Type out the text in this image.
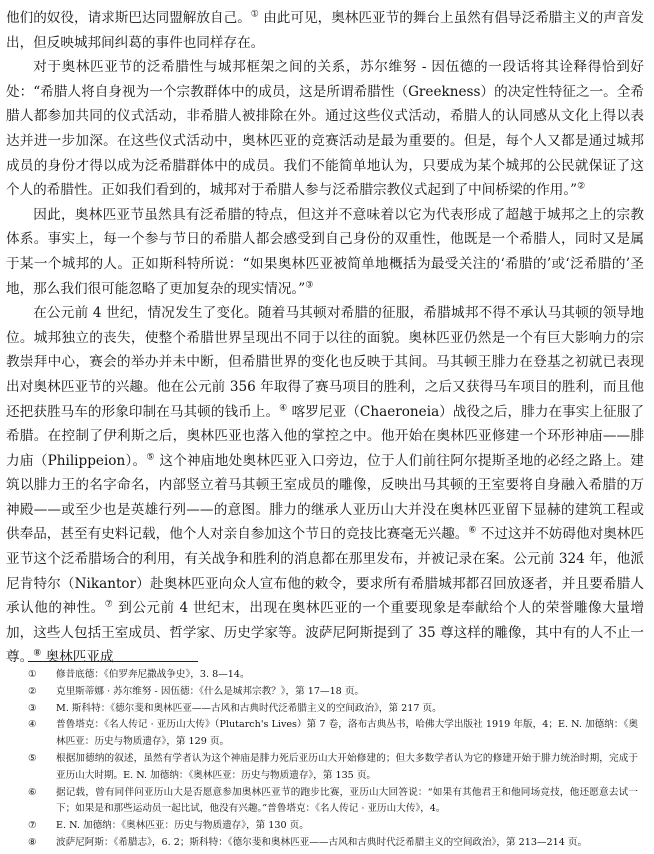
他们的奴役，请求斯巴达同盟解放自己。① 由此可见，奥林匹亚节的舞台上虽然有倡导泛希腊主义的声音发出，但反映城邦间纠葛的事件也同样存在。

对于奥林匹亚节的泛希腊性与城邦框架之间的关系，苏尔维努 - 因伍德的一段话将其诠释得恰到好处：“希腊人将自身视为一个宗教群体中的成员，这是所谓希腊性（Greekness）的决定性特征之一。全希腊人都参加共同的仪式活动，非希腊人被排除在外。通过这些仪式活动，希腊人的认同感从文化上得以表达并进一步加深。在这些仪式活动中，奥林匹亚的竞赛活动是最为重要的。但是，每个人又都是通过城邦成员的身份才得以成为泛希腊群体中的成员。我们不能简单地认为，只要成为某个城邦的公民就保证了这个人的希腊性。正如我们看到的，城邦对于希腊人参与泛希腊宗教仪式起到了中间桥梁的作用。”②

因此，奥林匹亚节虽然具有泛希腊的特点，但这并不意味着以它为代表形成了超越于城邦之上的宗教体系。事实上，每一个参与节日的希腊人都会感受到自己身份的双重性，他既是一个希腊人，同时又是属于某一个城邦的人。正如斯科特所说：“如果奥林匹亚被简单地概括为最受关注的‘希腊的’或‘泛希腊的’圣地，那么我们很可能忽略了更加复杂的现实情况。”③

在公元前 4 世纪，情况发生了变化。随着马其顿对希腊的征服，希腊城邦不得不承认马其顿的领导地位。城邦独立的丧失，使整个希腊世界呈现出不同于以往的面貌。奥林匹亚仍然是一个有巨大影响力的宗教崇拜中心，赛会的举办并未中断，但希腊世界的变化也反映于其间。马其顿王腓力在登基之初就已表现出对奥林匹亚节的兴趣。他在公元前 356 年取得了赛马项目的胜利，之后又获得马车项目的胜利，而且他还把获胜马车的形象印制在马其顿的钱币上。④ 喀罗尼亚（Chaeroneia）战役之后，腓力在事实上征服了希腊。在控制了伊利斯之后，奥林匹亚也落入他的掌控之中。他开始在奥林匹亚修建一个环形神庙——腓力庙（Philippeion）。⑤ 这个神庙地处奥林匹亚入口旁边，位于人们前往阿尔提斯圣地的必经之路上。建筑以腓力王的名字命名，内部竖立着马其顿王室成员的雕像，反映出马其顿的王室要将自身融入希腊的万神殿——或至少也是英雄行列——的意图。腓力的继承人亚历山大并没在奥林匹亚留下显赫的建筑工程或供奉品，甚至有史料记载，他个人对亲自参加这个节日的竞技比赛毫无兴趣。⑥ 不过这并不妨碍他对奥林匹亚节这个泛希腊场合的利用，有关战争和胜利的消息都在那里发布，并被记录在案。公元前 324 年，他派尼肯特尔（Nikantor）赴奥林匹亚向众人宣布他的敕令，要求所有希腊城邦都召回放逐者，并且要希腊人承认他的神性。⑦ 到公元前 4 世纪末，出现在奥林匹亚的一个重要现象是奉献给个人的荣誉雕像大量增加，这些人包括王室成员、哲学家、历史学家等。波萨尼阿斯提到了 35 尊这样的雕像，其中有的人不止一尊。⑧ 奥林匹亚成

①	修昔底德：《伯罗奔尼撒战争史》，3. 8—14。
②	克里斯蒂娜 · 苏尔维努 - 因伍德：《什么是城邦宗教？》，第 17—18 页。
③	M. 斯科特：《德尔斐和奥林匹亚——古风和古典时代泛希腊主义的空间政治》，第 217 页。
④	普鲁塔克：《名人传记 · 亚历山大传》（Plutarch's Lives）第 7 卷，洛布古典丛书，哈佛大学出版社 1919 年版，4；E. N. 加德纳：《奥林匹亚：历史与物质遗存》，第 129 页。
⑤	根据加德纳的叙述，虽然有学者认为这个神庙是腓力死后亚历山大开始修建的；但大多数学者认为它的修建开始于腓力统治时期，完成于亚历山大时期。E. N. 加德纳：《奥林匹亚：历史与物质遗存》，第 135 页。
⑥	据记载，曾有同伴问亚历山大是否愿意参加奥林匹亚节的跑步比赛，亚历山大回答说：“如果有其他君王和他同场竞技，他还愿意去试一下；如果是和那些运动员一起比试，他没有兴趣。”普鲁塔克：《名人传记 · 亚历山大传》，4。
⑦	E. N. 加德纳：《奥林匹亚：历史与物质遗存》，第 130 页。
⑧	波萨尼阿斯：《希腊志》，6. 2；斯科特：《德尔斐和奥林匹亚——古风和古典时代泛希腊主义的空间政治》，第 213—214 页。
